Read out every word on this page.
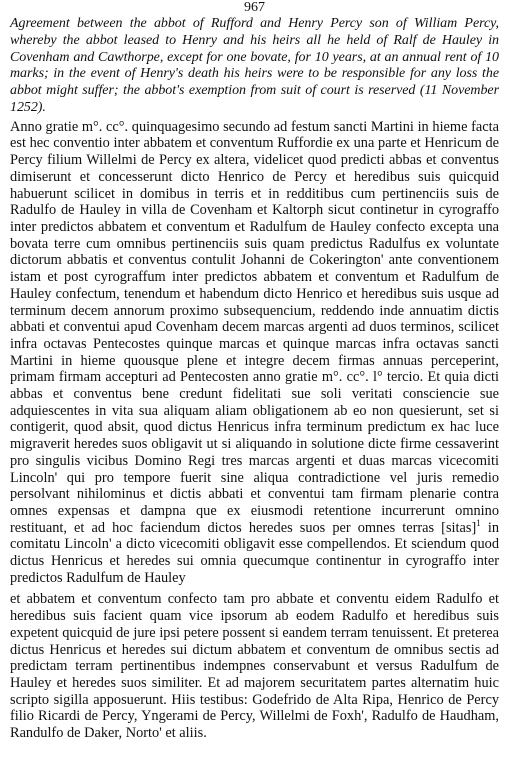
967

Agreement between the abbot of Rufford and Henry Percy son of William Percy, whereby the abbot leased to Henry and his heirs all he held of Ralf de Hauley in Covenham and Cawthorpe, except for one bovate, for 10 years, at an annual rent of 10 marks; in the event of Henry's death his heirs were to be responsible for any loss the abbot might suffer; the abbot's exemption from suit of court is reserved (11 November 1252).

Anno gratie m°. cc°. quinquagesimo secundo ad festum sancti Martini in hieme facta est hec conventio inter abbatem et conventum Ruffordie ex una parte et Henricum de Percy filium Willelmi de Percy ex altera, videlicet quod predicti abbas et conventus dimiserunt et concesserunt dicto Henrico de Percy et heredibus suis quicquid habuerunt scilicet in domibus in terris et in redditibus cum pertinenciis suis de Radulfo de Hauley in villa de Covenham et Kaltorph sicut continetur in cyrograffo inter predictos abbatem et conventum et Radulfum de Hauley confecto excepta una bovata terre cum omnibus pertinenciis suis quam predictus Radulfus ex voluntate dictorum abbatis et conventus contulit Johanni de Cokerington' ante conventionem istam et post cyrograffum inter predictos abbatem et conventum et Radulfum de Hauley confectum, tenendum et habendum dicto Henrico et heredibus suis usque ad terminum decem annorum proximo subsequencium, reddendo inde annuatim dictis abbati et conventui apud Covenham decem marcas argenti ad duos terminos, scilicet infra octavas Pentecostes quinque marcas et quinque marcas infra octavas sancti Martini in hieme quousque plene et integre decem firmas annuas perceperint, primam firmam accepturi ad Pentecosten anno gratie m°. cc°. l° tercio. Et quia dicti abbas et conventus bene credunt fidelitati sue soli veritati consciencie sue adquiescentes in vita sua aliquam aliam obligationem ab eo non quesierunt, set si contigerit, quod absit, quod dictus Henricus infra terminum predictum ex hac luce migraverit heredes suos obligavit ut si aliquando in solutione dicte firme cessaverint pro singulis vicibus Domino Regi tres marcas argenti et duas marcas vicecomiti Lincoln' qui pro tempore fuerit sine aliqua contradictione vel juris remedio persolvant nihilominus et dictis abbati et conventui tam firmam plenarie contra omnes expensas et dampna que ex eiusmodi retentione incurrerunt omnino restituant, et ad hoc faciendum dictos heredes suos per omnes terras [sitas]$^1$ in comitatu Lincoln' a dicto vicecomiti obligavit esse compellendos. Et sciendum quod dictus Henricus et heredes sui omnia quecumque continentur in cyrograffo inter predictos Radulfum de Hauley

et abbatem et conventum confecto tam pro abbate et conventu eidem Radulfo et heredibus suis facient quam vice ipsorum ab eodem Radulfo et heredibus suis expetent quicquid de jure ipsi petere possent si eandem terram tenuissent. Et preterea dictus Henricus et heredes sui dictum abbatem et conventum de omnibus sectis ad predictam terram pertinentibus indempnes conservabunt et versus Radulfum de Hauley et heredes suos similiter. Et ad majorem securitatem partes alternatim huic scripto sigilla apposuerunt. Hiis testibus: Godefrido de Alta Ripa, Henrico de Percy filio Ricardi de Percy, Yngerami de Percy, Willelmi de Foxh', Radulfo de Haudham, Randulfo de Daker, Norto' et aliis.
